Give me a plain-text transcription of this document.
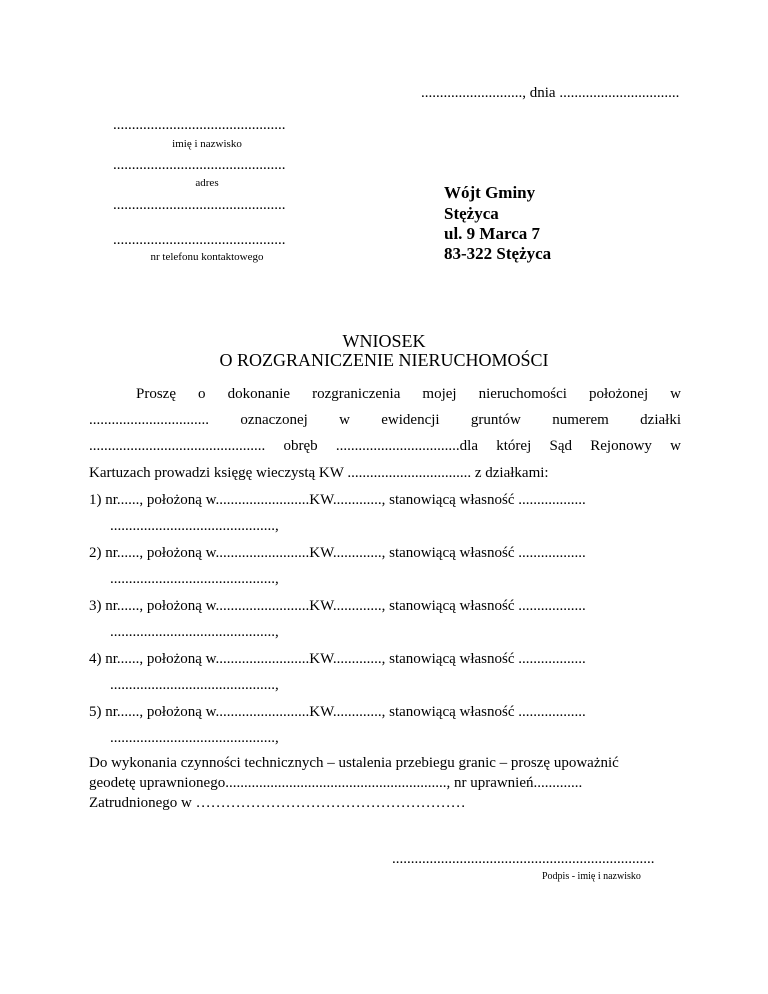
..........................., dnia ................................
..............................................
imię i nazwisko
..............................................
adres
..............................................
..............................................
nr telefonu kontaktowego
Wójt Gminy
Stężyca
ul. 9 Marca 7
83-322 Stężyca
WNIOSEK
O ROZGRANICZENIE NIERUCHOMOŚCI
Proszę o dokonanie rozgraniczenia mojej nieruchomości położonej w
................................ oznaczonej w ewidencji gruntów numerem działki
............................................... obręb .................................dla której Sąd Rejonowy w
Kartuzach prowadzi księgę wieczystą KW ................................. z działkami:
1) nr......, położoną w.........................KW............., stanowiącą własność ..................
............................................,
2) nr......, położoną w.........................KW............., stanowiącą własność ..................
............................................,
3) nr......, położoną w.........................KW............., stanowiącą własność ..................
............................................,
4) nr......, położoną w.........................KW............., stanowiącą własność ..................
............................................,
5) nr......, położoną w.........................KW............., stanowiącą własność ..................
............................................,
Do wykonania czynności technicznych – ustalenia przebiegu granic – proszę upoważnić
geodetę uprawnionego..........................................................., nr uprawnień.............
Zatrudnionego w ………………………………………………
......................................................................
Podpis - imię i nazwisko
